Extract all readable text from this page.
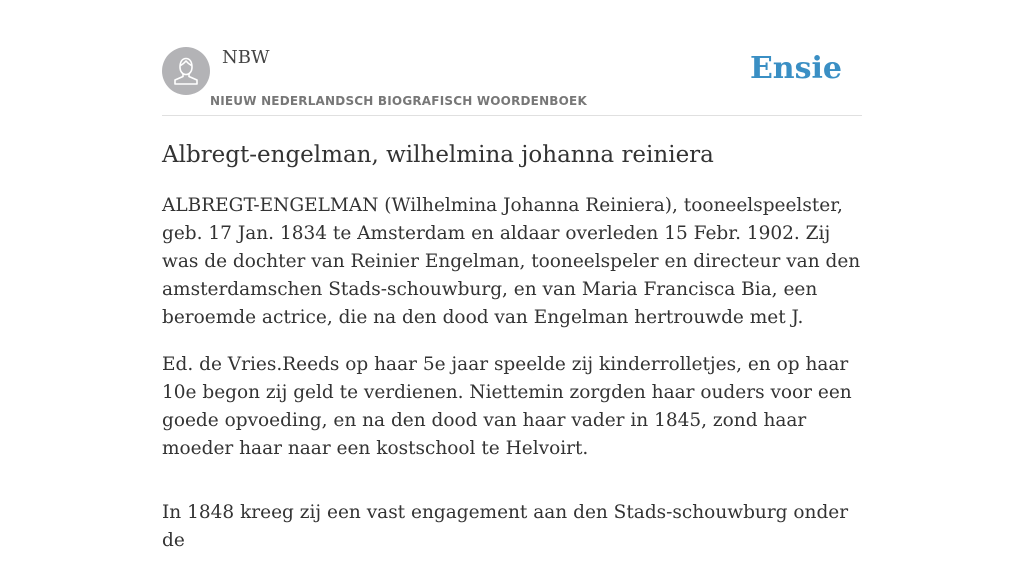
NBW
NIEUW NEDERLANDSCH BIOGRAFISCH WOORDENBOEK
Ensie
Albregt-engelman, wilhelmina johanna reiniera

ALBREGT-ENGELMAN (Wilhelmina Johanna Reiniera), tooneelspeelster, geb. 17 Jan. 1834 te Amsterdam en aldaar overleden 15 Febr. 1902. Zij was de dochter van Reinier Engelman, tooneelspeler en directeur van den amsterdamschen Stads-schouwburg, en van Maria Francisca Bia, een beroemde actrice, die na den dood van Engelman hertrouwde met J.

Ed. de Vries.Reeds op haar 5e jaar speelde zij kinderrolletjes, en op haar 10e begon zij geld te verdienen. Niettemin zorgden haar ouders voor een goede opvoeding, en na den dood van haar vader in 1845, zond haar moeder haar naar een kostschool te Helvoirt.

In 1848 kreeg zij een vast engagement aan den Stads-schouwburg onder de
